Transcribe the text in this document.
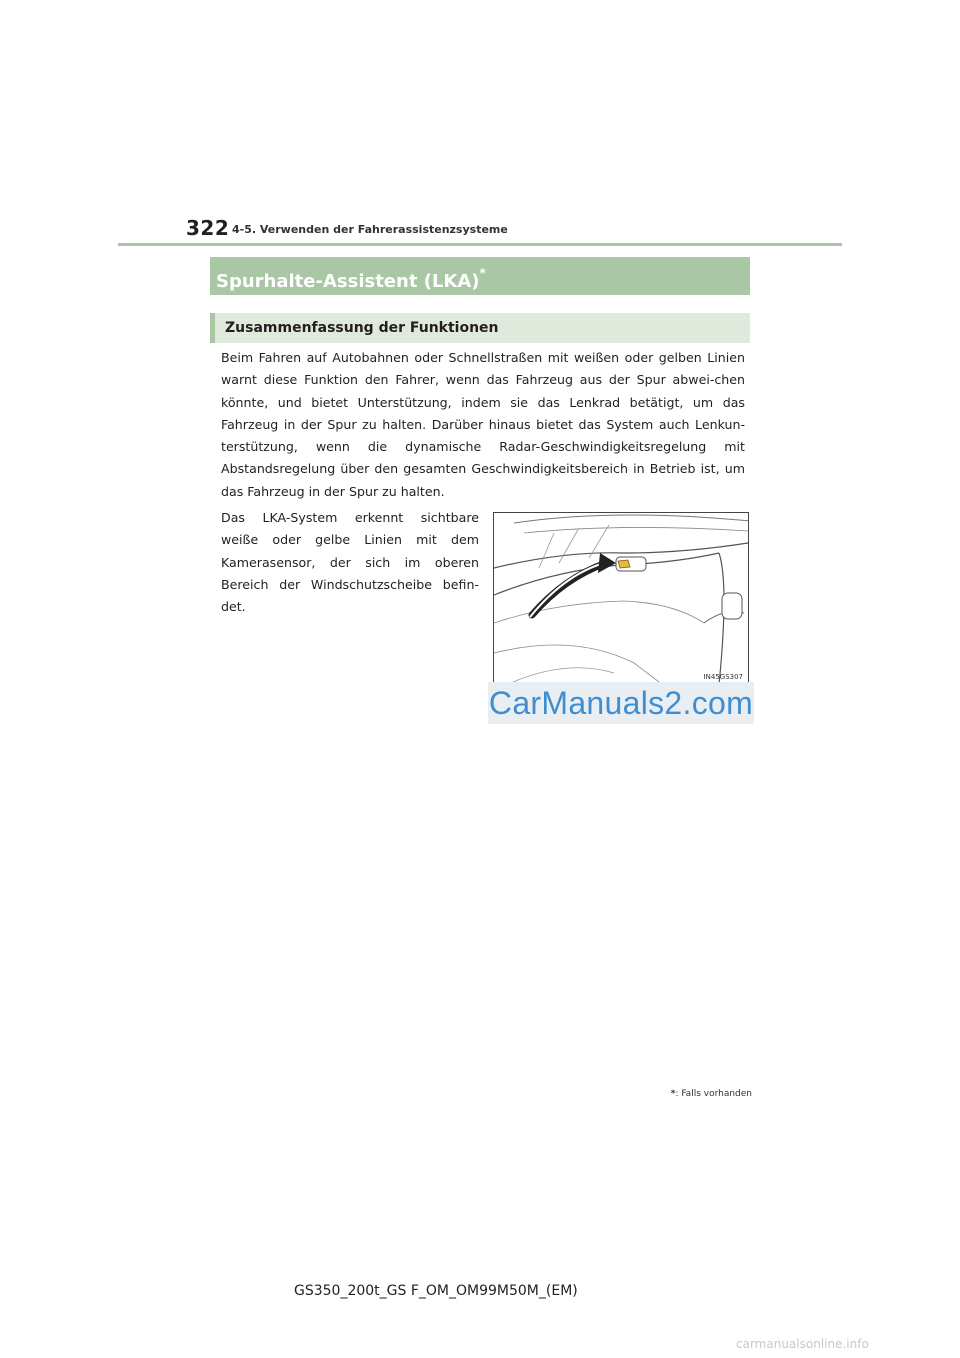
322 4-5. Verwenden der Fahrerassistenzsysteme
Spurhalte-Assistent (LKA)*
Zusammenfassung der Funktionen
Beim Fahren auf Autobahnen oder Schnellstraßen mit weißen oder gelben Linien warnt diese Funktion den Fahrer, wenn das Fahrzeug aus der Spur abwei-chen könnte, und bietet Unterstützung, indem sie das Lenkrad betätigt, um das Fahrzeug in der Spur zu halten. Darüber hinaus bietet das System auch Lenkun-terstützung, wenn die dynamische Radar-Geschwindigkeitsregelung mit Abstandsregelung über den gesamten Geschwindigkeitsbereich in Betrieb ist, um das Fahrzeug in der Spur zu halten.
Das LKA-System erkennt sichtbare weiße oder gelbe Linien mit dem Kamerasensor, der sich im oberen Bereich der Windschutzscheibe befin-det.
IN45GS307
CarManuals2.com
*: Falls vorhanden
GS350_200t_GS F_OM_OM99M50M_(EM)
carmanualsonline.info
